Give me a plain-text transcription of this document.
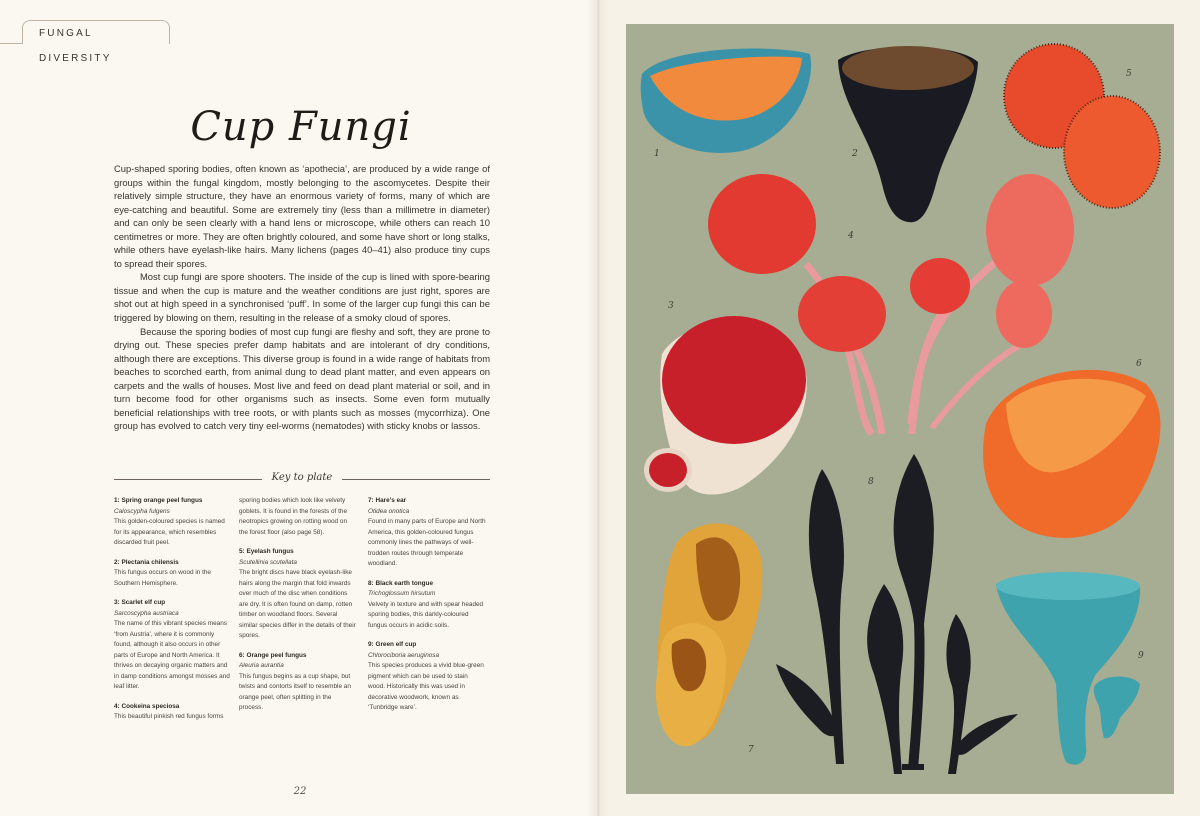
FUNGAL DIVERSITY
Cup Fungi

Cup-shaped sporing bodies, often known as ‘apothecia’, are produced by a wide range of groups within the fungal kingdom, mostly belonging to the ascomycetes. Despite their relatively simple structure, they have an enormous variety of forms, many of which are eye-catching and beautiful. Some are extremely tiny (less than a millimetre in diameter) and can only be seen clearly with a hand lens or microscope, while others can reach 10 centimetres or more. They are often brightly coloured, and some have short or long stalks, while others have eyelash-like hairs. Many lichens (pages 40–41) also produce tiny cups to spread their spores.

Most cup fungi are spore shooters. The inside of the cup is lined with spore-bearing tissue and when the cup is mature and the weather conditions are just right, spores are shot out at high speed in a synchronised ‘puff’. In some of the larger cup fungi this can be triggered by blowing on them, resulting in the release of a smoky cloud of spores.

Because the sporing bodies of most cup fungi are fleshy and soft, they are prone to drying out. These species prefer damp habitats and are intolerant of dry conditions, although there are exceptions. This diverse group is found in a wide range of habitats from beaches to scorched earth, from animal dung to dead plant matter, and even appears on carpets and the walls of houses. Most live and feed on dead plant material or soil, and in turn become food for other organisms such as insects. Some even form mutually beneficial relationships with tree roots, or with plants such as mosses (mycorrhiza). One group has evolved to catch very tiny eel-worms (nematodes) with sticky knobs or lassos.

Key to plate
1: Spring orange peel fungus
Caloscypha fulgens
This golden-coloured species is named for its appearance, which resembles discarded fruit peel.
2: Plectania chilensis
This fungus occurs on wood in the Southern Hemisphere.
3: Scarlet elf cup
Sarcoscypha austriaca
The name of this vibrant species means ‘from Austria’, where it is commonly found, although it also occurs in other parts of Europe and North America. It thrives on decaying organic matters and in damp conditions amongst mosses and leaf litter.
4: Cookeina speciosa
This beautiful pinkish red fungus forms
sporing bodies which look like velvety goblets. It is found in the forests of the neotropics growing on rotting wood on the forest floor (also page 58).
5: Eyelash fungus
Scutellinia scutellata
The bright discs have black eyelash-like hairs along the margin that fold inwards over much of the disc when conditions are dry. It is often found on damp, rotten timber on woodland floors. Several similar species differ in the details of their spores.
6: Orange peel fungus
Aleuria aurantia
This fungus begins as a cup shape, but twists and contorts itself to resemble an orange peel, often splitting in the process.
7: Hare’s ear
Otidea onotica
Found in many parts of Europe and North America, this golden-coloured fungus commonly lines the pathways of well-trodden routes through temperate woodland.
8: Black earth tongue
Trichoglossum hirsutum
Velvety in texture and with spear headed sporing bodies, this darkly-coloured fungus occurs in acidic soils.
9: Green elf cup
Chlorociboria aeruginosa
This species produces a vivid blue-green pigment which can be used to stain wood. Historically this was used in decorative woodwork, known as ‘Tunbridge ware’.
22
1	2
3
4
5
6
7
8
9
